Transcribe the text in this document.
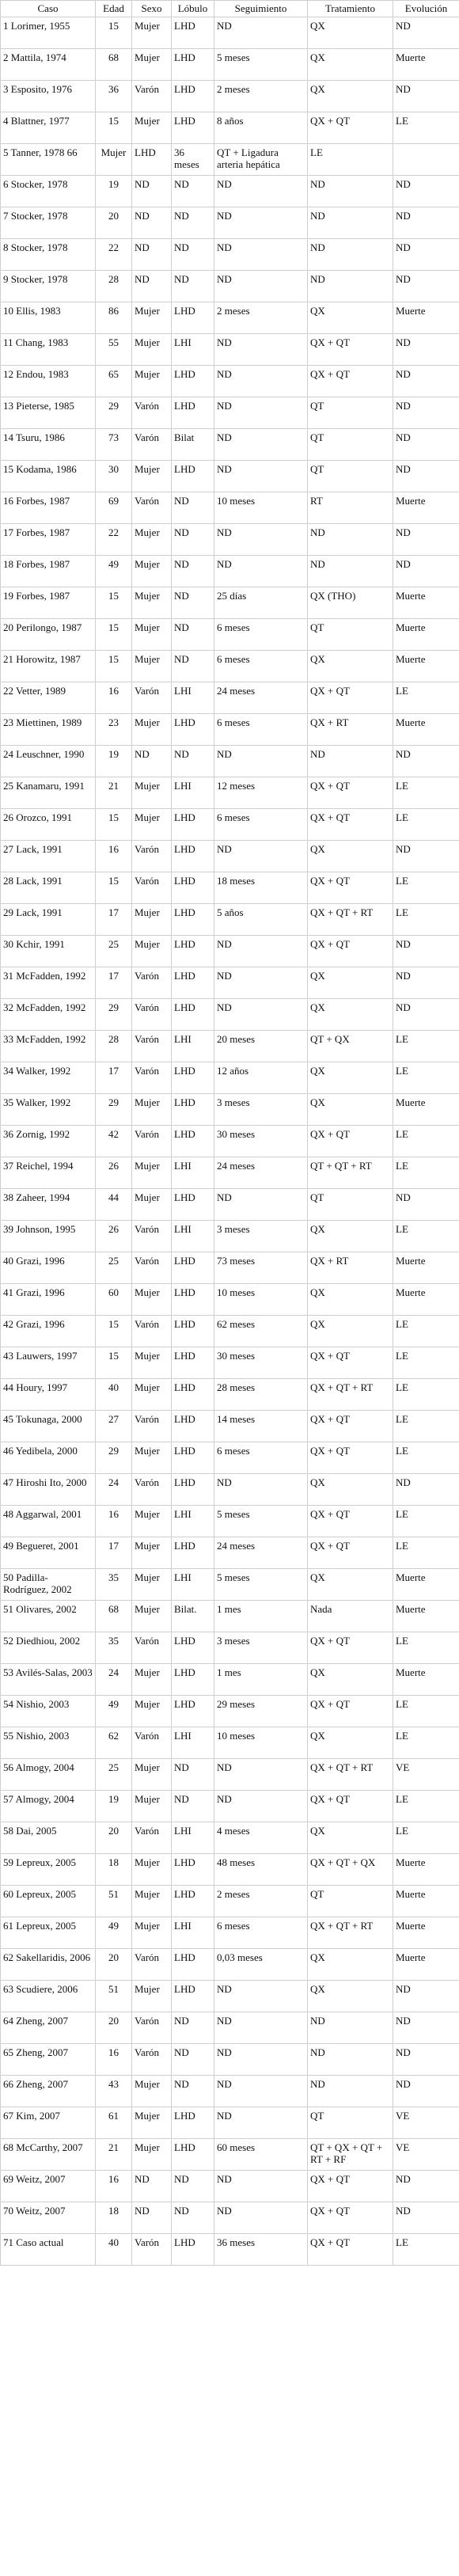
Caso	Edad	Sexo	Lóbulo	Seguimiento	Tratamiento	Evolución
1 Lorimer, 1955	15	Mujer	LHD	ND	QX	ND
2 Mattila, 1974	68	Mujer	LHD	5 meses	QX	Muerte
3 Esposito, 1976	36	Varón	LHD	2 meses	QX	ND
4 Blattner, 1977	15	Mujer	LHD	8 años	QX + QT	LE
5 Tanner, 1978 66	Mujer	LHD	36 meses	QT + Ligadura arteria hepática	LE	
6 Stocker, 1978	19	ND	ND	ND	ND	ND
7 Stocker, 1978	20	ND	ND	ND	ND	ND
8 Stocker, 1978	22	ND	ND	ND	ND	ND
9 Stocker, 1978	28	ND	ND	ND	ND	ND
10 Ellis, 1983	86	Mujer	LHD	2 meses	QX	Muerte
11 Chang, 1983	55	Mujer	LHI	ND	QX + QT	ND
12 Endou, 1983	65	Mujer	LHD	ND	QX + QT	ND
13 Pieterse, 1985	29	Varón	LHD	ND	QT	ND
14 Tsuru, 1986	73	Varón	Bilat	ND	QT	ND
15 Kodama, 1986	30	Mujer	LHD	ND	QT	ND
16 Forbes, 1987	69	Varón	ND	10 meses	RT	Muerte
17 Forbes, 1987	22	Mujer	ND	ND	ND	ND
18 Forbes, 1987	49	Mujer	ND	ND	ND	ND
19 Forbes, 1987	15	Mujer	ND	25 días	QX (THO)	Muerte
20 Perilongo, 1987	15	Mujer	ND	6 meses	QT	Muerte
21 Horowitz, 1987	15	Mujer	ND	6 meses	QX	Muerte
22 Vetter, 1989	16	Varón	LHI	24 meses	QX + QT	LE
23 Miettinen, 1989	23	Mujer	LHD	6 meses	QX + RT	Muerte
24 Leuschner, 1990	19	ND	ND	ND	ND	ND
25 Kanamaru, 1991	21	Mujer	LHI	12 meses	QX + QT	LE
26 Orozco, 1991	15	Mujer	LHD	6 meses	QX + QT	LE
27 Lack, 1991	16	Varón	LHD	ND	QX	ND
28 Lack, 1991	15	Varón	LHD	18 meses	QX + QT	LE
29 Lack, 1991	17	Mujer	LHD	5 años	QX + QT + RT	LE
30 Kchir, 1991	25	Mujer	LHD	ND	QX + QT	ND
31 McFadden, 1992	17	Varón	LHD	ND	QX	ND
32 McFadden, 1992	29	Varón	LHD	ND	QX	ND
33 McFadden, 1992	28	Varón	LHI	20 meses	QT + QX	LE
34 Walker, 1992	17	Varón	LHD	12 años	QX	LE
35 Walker, 1992	29	Mujer	LHD	3 meses	QX	Muerte
36 Zornig, 1992	42	Varón	LHD	30 meses	QX + QT	LE
37 Reichel, 1994	26	Mujer	LHI	24 meses	QT + QT + RT	LE
38 Zaheer, 1994	44	Mujer	LHD	ND	QT	ND
39 Johnson, 1995	26	Varón	LHI	3 meses	QX	LE
40 Grazi, 1996	25	Varón	LHD	73 meses	QX + RT	Muerte
41 Grazi, 1996	60	Mujer	LHD	10 meses	QX	Muerte
42 Grazi, 1996	15	Varón	LHD	62 meses	QX	LE
43 Lauwers, 1997	15	Mujer	LHD	30 meses	QX + QT	LE
44 Houry, 1997	40	Mujer	LHD	28 meses	QX + QT + RT	LE
45 Tokunaga, 2000	27	Varón	LHD	14 meses	QX + QT	LE
46 Yedibela, 2000	29	Mujer	LHD	6 meses	QX + QT	LE
47 Hiroshi Ito, 2000	24	Varón	LHD	ND	QX	ND
48 Aggarwal, 2001	16	Mujer	LHI	5 meses	QX + QT	LE
49 Begueret, 2001	17	Mujer	LHD	24 meses	QX + QT	LE
50 Padilla-Rodríguez, 2002	35	Mujer	LHI	5 meses	QX	Muerte
51 Olivares, 2002	68	Mujer	Bilat.	1 mes	Nada	Muerte
52 Diedhiou, 2002	35	Varón	LHD	3 meses	QX + QT	LE
53 Avilés-Salas, 2003	24	Mujer	LHD	1 mes	QX	Muerte
54 Nishio, 2003	49	Mujer	LHD	29 meses	QX + QT	LE
55 Nishio, 2003	62	Varón	LHI	10 meses	QX	LE
56 Almogy, 2004	25	Mujer	ND	ND	QX + QT + RT	VE
57 Almogy, 2004	19	Mujer	ND	ND	QX + QT	LE
58 Dai, 2005	20	Varón	LHI	4 meses	QX	LE
59 Lepreux, 2005	18	Mujer	LHD	48 meses	QX + QT + QX	Muerte
60 Lepreux, 2005	51	Mujer	LHD	2 meses	QT	Muerte
61 Lepreux, 2005	49	Mujer	LHI	6 meses	QX + QT + RT	Muerte
62 Sakellaridis, 2006	20	Varón	LHD	0,03 meses	QX	Muerte
63 Scudiere, 2006	51	Mujer	LHD	ND	QX	ND
64 Zheng, 2007	20	Varón	ND	ND	ND	ND
65 Zheng, 2007	16	Varón	ND	ND	ND	ND
66 Zheng, 2007	43	Mujer	ND	ND	ND	ND
67 Kim, 2007	61	Mujer	LHD	ND	QT	VE
68 McCarthy, 2007	21	Mujer	LHD	60 meses	QT + QX + QT + RT + RF	VE
69 Weitz, 2007	16	ND	ND	ND	QX + QT	ND
70 Weitz, 2007	18	ND	ND	ND	QX + QT	ND
71 Caso actual	40	Varón	LHD	36 meses	QX + QT	LE
